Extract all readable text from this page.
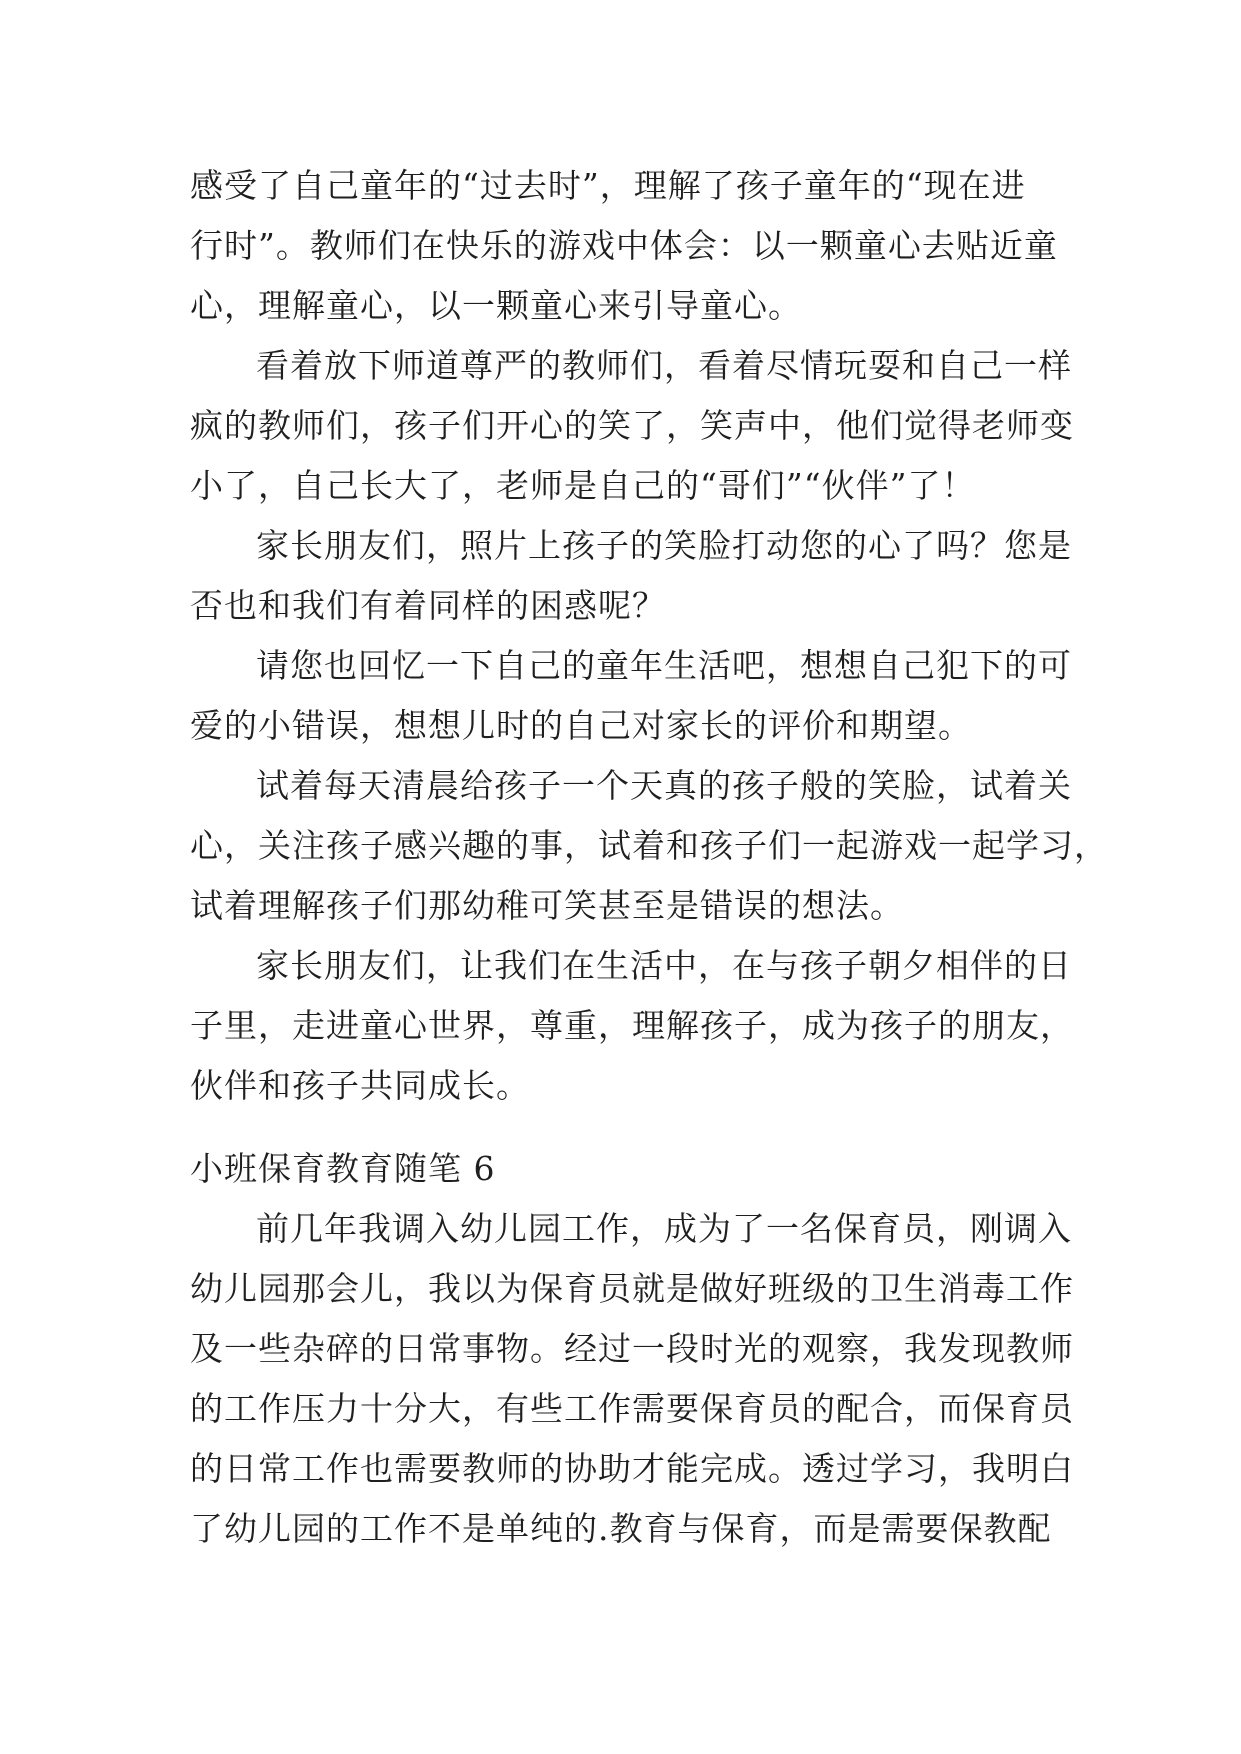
感受了自己童年的“过去时”，理解了孩子童年的“现在进
行时”。教师们在快乐的游戏中体会：以一颗童心去贴近童
心，理解童心，以一颗童心来引导童心。

看着放下师道尊严的教师们，看着尽情玩耍和自己一样
疯的教师们，孩子们开心的笑了，笑声中，他们觉得老师变
小了，自己长大了，老师是自己的“哥们”“伙伴”了！

家长朋友们，照片上孩子的笑脸打动您的心了吗？您是
否也和我们有着同样的困惑呢？

请您也回忆一下自己的童年生活吧，想想自己犯下的可
爱的小错误，想想儿时的自己对家长的评价和期望。

试着每天清晨给孩子一个天真的孩子般的笑脸，试着关
心，关注孩子感兴趣的事，试着和孩子们一起游戏一起学习，
试着理解孩子们那幼稚可笑甚至是错误的想法。

家长朋友们，让我们在生活中，在与孩子朝夕相伴的日
子里，走进童心世界，尊重，理解孩子，成为孩子的朋友，
伙伴和孩子共同成长。

小班保育教育随笔 6

前几年我调入幼儿园工作，成为了一名保育员，刚调入
幼儿园那会儿，我以为保育员就是做好班级的卫生消毒工作
及一些杂碎的日常事物。经过一段时光的观察，我发现教师
的工作压力十分大，有些工作需要保育员的配合，而保育员
的日常工作也需要教师的协助才能完成。透过学习，我明白
了幼儿园的工作不是单纯的.教育与保育，而是需要保教配
